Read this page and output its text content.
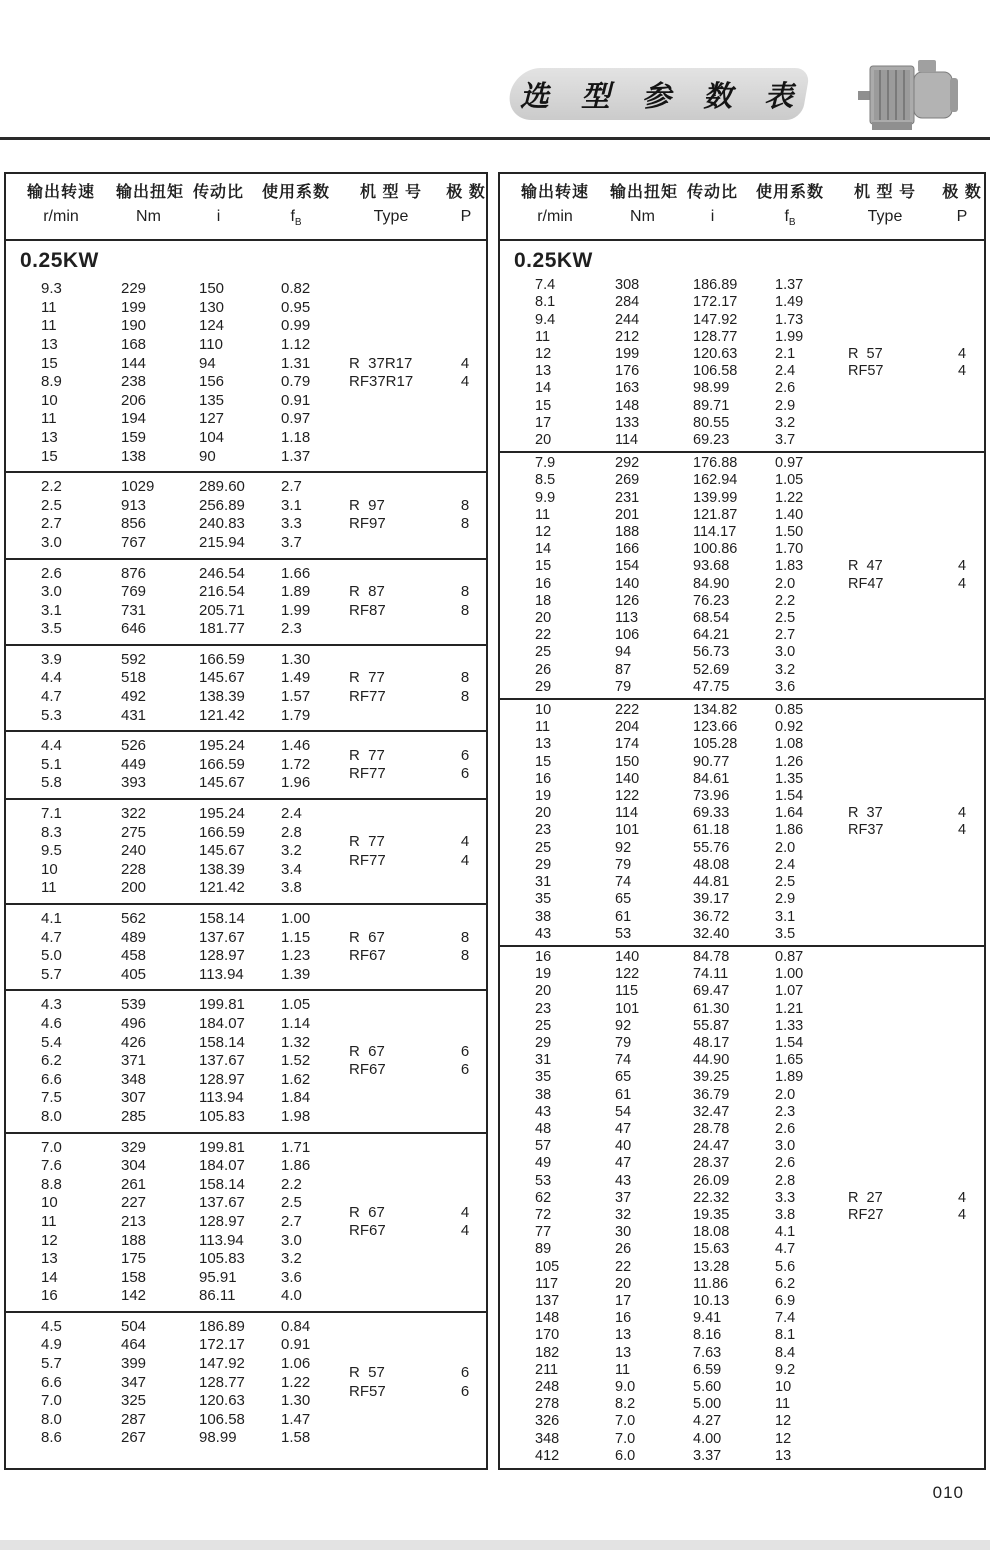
选 型 参 数 表
输出转速	输出扭矩 传动比	使用系数	机 型 号	极 数
r/min	Nm	i	$f_B$	Type	P
0.25KW
9.3	229	150	0.82
11	199	130	0.95
11	190	124	0.99
13	168	110	1.12
15	144	94	1.31
8.9	238	156	0.79
10	206	135	0.91
11	194	127	0.97
13	159	104	1.18
15	138	90	1.37
R  37R17	4
RF37R17	4
2.2	1029	289.60	2.7
2.5	913	256.89	3.1
2.7	856	240.83	3.3
3.0	767	215.94	3.7
R  97	8
RF97	8
2.6	876	246.54	1.66
3.0	769	216.54	1.89
3.1	731	205.71	1.99
3.5	646	181.77	2.3
R  87	8
RF87	8
3.9	592	166.59	1.30
4.4	518	145.67	1.49
4.7	492	138.39	1.57
5.3	431	121.42	1.79
R  77	8
RF77	8
4.4	526	195.24	1.46
5.1	449	166.59	1.72
5.8	393	145.67	1.96
R  77	6
RF77	6
7.1	322	195.24	2.4
8.3	275	166.59	2.8
9.5	240	145.67	3.2
10	228	138.39	3.4
11	200	121.42	3.8
R  77	4
RF77	4
4.1	562	158.14	1.00
4.7	489	137.67	1.15
5.0	458	128.97	1.23
5.7	405	113.94	1.39
R  67	8
RF67	8
4.3	539	199.81	1.05
4.6	496	184.07	1.14
5.4	426	158.14	1.32
6.2	371	137.67	1.52
6.6	348	128.97	1.62
7.5	307	113.94	1.84
8.0	285	105.83	1.98
R  67	6
RF67	6
7.0	329	199.81	1.71
7.6	304	184.07	1.86
8.8	261	158.14	2.2
10	227	137.67	2.5
11	213	128.97	2.7
12	188	113.94	3.0
13	175	105.83	3.2
14	158	95.91	3.6
16	142	86.11	4.0
R  67	4
RF67	4
4.5	504	186.89	0.84
4.9	464	172.17	0.91
5.7	399	147.92	1.06
6.6	347	128.77	1.22
7.0	325	120.63	1.30
8.0	287	106.58	1.47
8.6	267	98.99	1.58
R  57	6
RF57	6
输出转速	输出扭矩 传动比	使用系数	机 型 号	极 数
r/min	Nm	i	$f_B$	Type	P
0.25KW
7.4	308	186.89	1.37
8.1	284	172.17	1.49
9.4	244	147.92	1.73
11	212	128.77	1.99
12	199	120.63	2.1
13	176	106.58	2.4
14	163	98.99	2.6
15	148	89.71	2.9
17	133	80.55	3.2
20	114	69.23	3.7
R  57	4
RF57	4
7.9	292	176.88	0.97
8.5	269	162.94	1.05
9.9	231	139.99	1.22
11	201	121.87	1.40
12	188	114.17	1.50
14	166	100.86	1.70
15	154	93.68	1.83
16	140	84.90	2.0
18	126	76.23	2.2
20	113	68.54	2.5
22	106	64.21	2.7
25	94	56.73	3.0
26	87	52.69	3.2
29	79	47.75	3.6
R  47	4
RF47	4
10	222	134.82	0.85
11	204	123.66	0.92
13	174	105.28	1.08
15	150	90.77	1.26
16	140	84.61	1.35
19	122	73.96	1.54
20	114	69.33	1.64
23	101	61.18	1.86
25	92	55.76	2.0
29	79	48.08	2.4
31	74	44.81	2.5
35	65	39.17	2.9
38	61	36.72	3.1
43	53	32.40	3.5
R  37	4
RF37	4
16	140	84.78	0.87
19	122	74.11	1.00
20	115	69.47	1.07
23	101	61.30	1.21
25	92	55.87	1.33
29	79	48.17	1.54
31	74	44.90	1.65
35	65	39.25	1.89
38	61	36.79	2.0
43	54	32.47	2.3
48	47	28.78	2.6
57	40	24.47	3.0
49	47	28.37	2.6
53	43	26.09	2.8
62	37	22.32	3.3
72	32	19.35	3.8
77	30	18.08	4.1
89	26	15.63	4.7
105	22	13.28	5.6
117	20	11.86	6.2
137	17	10.13	6.9
148	16	9.41	7.4
170	13	8.16	8.1
182	13	7.63	8.4
211	11	6.59	9.2
248	9.0	5.60	10
278	8.2	5.00	11
326	7.0	4.27	12
348	7.0	4.00	12
412	6.0	3.37	13
R  27	4
RF27	4
010
